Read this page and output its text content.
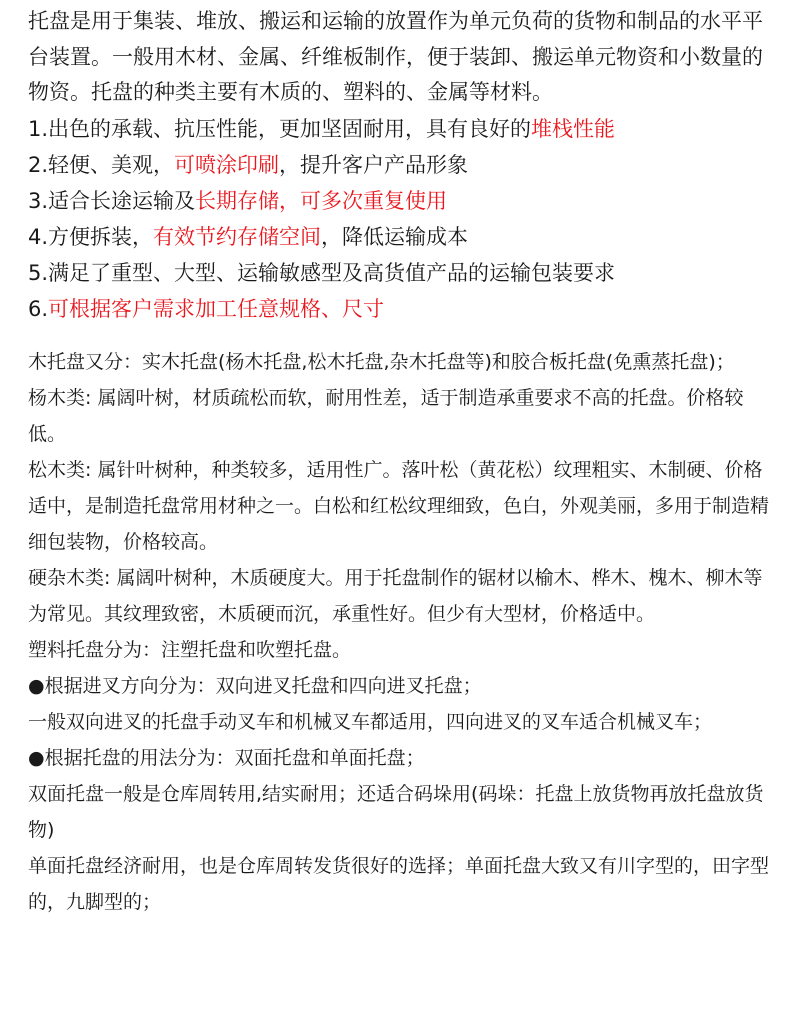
托盘是用于集装、堆放、搬运和运输的放置作为单元负荷的货物和制品的水平平台装置。一般用木材、金属、纤维板制作，便于装卸、搬运单元物资和小数量的物资。托盘的种类主要有木质的、塑料的、金属等材料。

1.出色的承载、抗压性能，更加坚固耐用，具有良好的堆栈性能
2.轻便、美观，可喷涂印刷，提升客户产品形象
3.适合长途运输及长期存储，可多次重复使用
4.方便拆装，有效节约存储空间，降低运输成本
5.满足了重型、大型、运输敏感型及高货值产品的运输包装要求
6.可根据客户需求加工任意规格、尺寸

木托盘又分：实木托盘(杨木托盘,松木托盘,杂木托盘等)和胶合板托盘(免熏蒸托盘)；

杨木类: 属阔叶树，材质疏松而软，耐用性差，适于制造承重要求不高的托盘。价格较低。

松木类: 属针叶树种，种类较多，适用性广。落叶松（黄花松）纹理粗实、木制硬、价格适中，是制造托盘常用材种之一。白松和红松纹理细致，色白，外观美丽，多用于制造精细包装物，价格较高。

硬杂木类: 属阔叶树种，木质硬度大。用于托盘制作的锯材以榆木、桦木、槐木、柳木等为常见。其纹理致密，木质硬而沉，承重性好。但少有大型材，价格适中。

塑料托盘分为：注塑托盘和吹塑托盘。

●根据进叉方向分为：双向进叉托盘和四向进叉托盘；

一般双向进叉的托盘手动叉车和机械叉车都适用，四向进叉的叉车适合机械叉车；

●根据托盘的用法分为：双面托盘和单面托盘；

双面托盘一般是仓库周转用,结实耐用；还适合码垛用(码垛：托盘上放货物再放托盘放货物)

单面托盘经济耐用，也是仓库周转发货很好的选择；单面托盘大致又有川字型的，田字型的，九脚型的；
